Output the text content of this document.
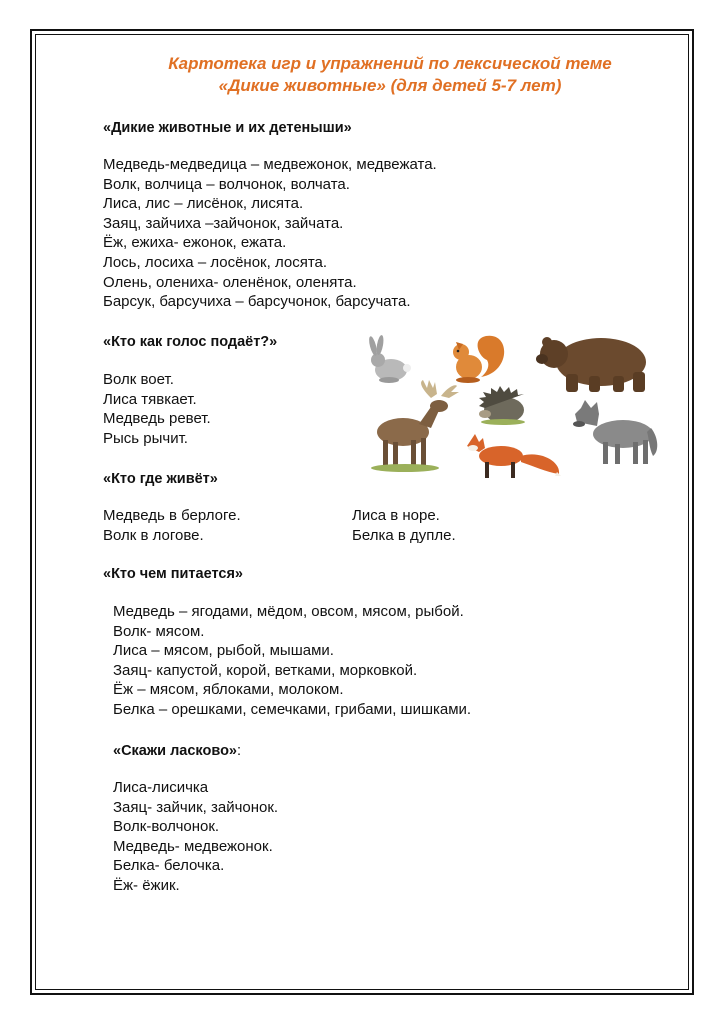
Картотека игр и упражнений по лексической теме
«Дикие животные» (для детей 5-7 лет)
«Дикие животные и их детеныши»
Медведь-медведица – медвежонок, медвежата.
Волк, волчица – волчонок, волчата.
Лиса, лис – лисёнок, лисята.
Заяц, зайчиха –зайчонок, зайчата.
Ёж, ежиха- ежонок, ежата.
Лось, лосиха – лосёнок, лосята.
Олень, олениха- оленёнок, оленята.
Барсук, барсучиха – барсучонок, барсучата.
«Кто как голос подаёт?»
Волк воет.
Лиса тявкает.
Медведь ревет.
Рысь рычит.
«Кто где живёт»
Медведь в берлоге.
Волк в логове.
Лиса в норе.
Белка в дупле.
«Кто чем питается»
Медведь – ягодами, мёдом, овсом, мясом, рыбой.
Волк- мясом.
Лиса – мясом, рыбой, мышами.
Заяц- капустой, корой, ветками, морковкой.
Ёж – мясом, яблоками, молоком.
Белка – орешками, семечками, грибами, шишками.
«Скажи ласково»:
Лиса-лисичка
Заяц- зайчик, зайчонок.
Волк-волчонок.
Медведь- медвежонок.
Белка- белочка.
Ёж- ёжик.
